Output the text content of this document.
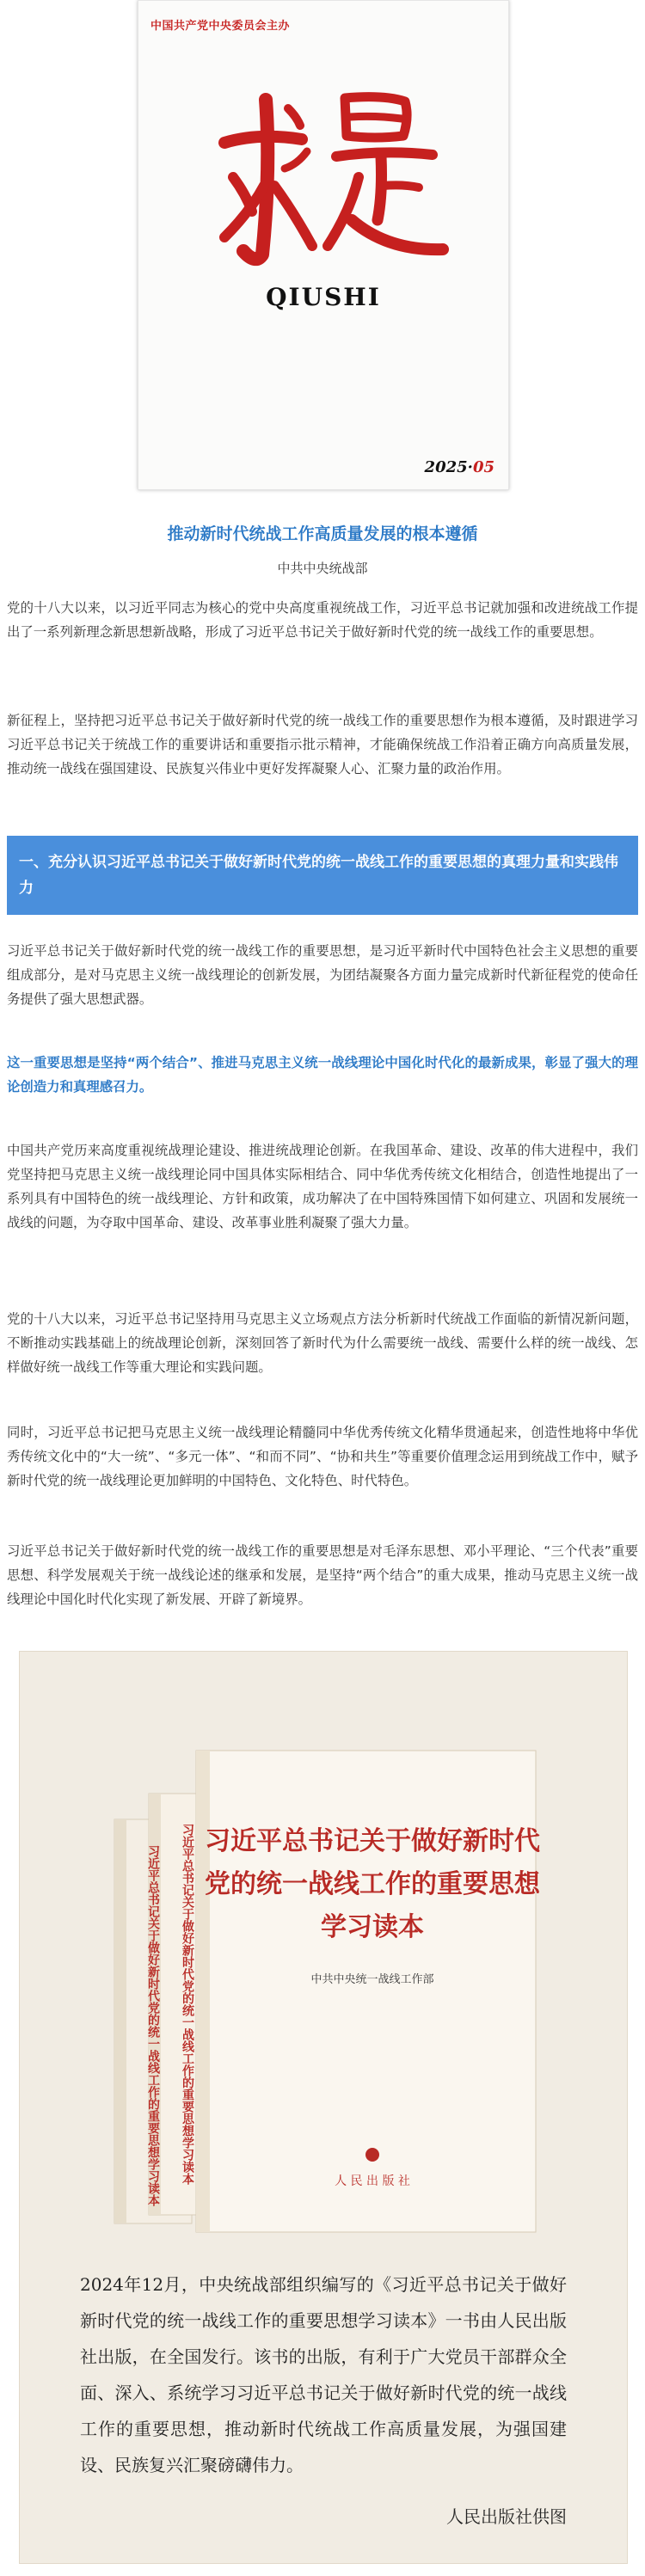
中国共产党中央委员会主办
QIUSHI
2025·05
推动新时代统战工作高质量发展的根本遵循
中共中央统战部

党的十八大以来，以习近平同志为核心的党中央高度重视统战工作，习近平总书记就加强和改进统战工作提出了一系列新理念新思想新战略，形成了习近平总书记关于做好新时代党的统一战线工作的重要思想。

新征程上，坚持把习近平总书记关于做好新时代党的统一战线工作的重要思想作为根本遵循，及时跟进学习习近平总书记关于统战工作的重要讲话和重要指示批示精神，才能确保统战工作沿着正确方向高质量发展，推动统一战线在强国建设、民族复兴伟业中更好发挥凝聚人心、汇聚力量的政治作用。

一、充分认识习近平总书记关于做好新时代党的统一战线工作的重要思想的真理力量和实践伟力

习近平总书记关于做好新时代党的统一战线工作的重要思想，是习近平新时代中国特色社会主义思想的重要组成部分，是对马克思主义统一战线理论的创新发展，为团结凝聚各方面力量完成新时代新征程党的使命任务提供了强大思想武器。

这一重要思想是坚持“两个结合”、推进马克思主义统一战线理论中国化时代化的最新成果，彰显了强大的理论创造力和真理感召力。

中国共产党历来高度重视统战理论建设、推进统战理论创新。在我国革命、建设、改革的伟大进程中，我们党坚持把马克思主义统一战线理论同中国具体实际相结合、同中华优秀传统文化相结合，创造性地提出了一系列具有中国特色的统一战线理论、方针和政策，成功解决了在中国特殊国情下如何建立、巩固和发展统一战线的问题，为夺取中国革命、建设、改革事业胜利凝聚了强大力量。

党的十八大以来，习近平总书记坚持用马克思主义立场观点方法分析新时代统战工作面临的新情况新问题，不断推动实践基础上的统战理论创新，深刻回答了新时代为什么需要统一战线、需要什么样的统一战线、怎样做好统一战线工作等重大理论和实践问题。

同时，习近平总书记把马克思主义统一战线理论精髓同中华优秀传统文化精华贯通起来，创造性地将中华优秀传统文化中的“大一统”、“多元一体”、“和而不同”、“协和共生”等重要价值理念运用到统战工作中，赋予新时代党的统一战线理论更加鲜明的中国特色、文化特色、时代特色。

习近平总书记关于做好新时代党的统一战线工作的重要思想是对毛泽东思想、邓小平理论、“三个代表”重要思想、科学发展观关于统一战线论述的继承和发展，是坚持“两个结合”的重大成果，推动马克思主义统一战线理论中国化时代化实现了新发展、开辟了新境界。

习近平总书记关于做好新时代党的统一战线工作的重要思想学习读本 习近平总书记关于做好新时代党的统一战线工作的重要思想学习读本 习近平总书记关于做好新时代
党的统一战线工作的重要思想
学习读本
中共中央统一战线工作部
人 民 出 版 社

2024年12月，中央统战部组织编写的《习近平总书记关于做好新时代党的统一战线工作的重要思想学习读本》一书由人民出版社出版，在全国发行。该书的出版，有利于广大党员干部群众全面、深入、系统学习习近平总书记关于做好新时代党的统一战线工作的重要思想，推动新时代统战工作高质量发展，为强国建设、民族复兴汇聚磅礴伟力。

人民出版社供图
